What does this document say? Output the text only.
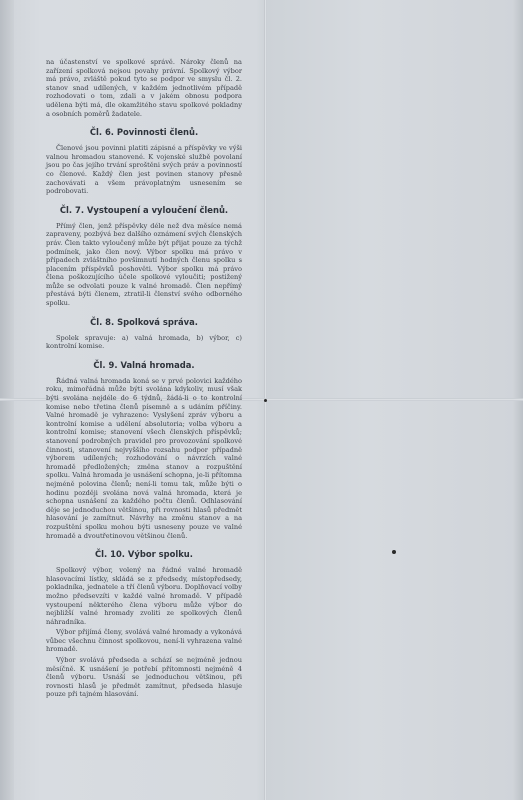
na účastenství ve spolkové správě. Nároky členů na zařízení spolková nejsou povahy právní. Spolkový výbor má právo, zvláště pokud tyto se podpor ve smyslu čl. 2. stanov snad udílených, v každém jednotlivém případě rozhodovati o tom, zdali a v jakém obnosu podpora udělena býti má, dle okamžitého stavu spolkové pokladny a osobních poměrů žadatele.

Čl. 6. Povinnosti členů.

Členové jsou povinni platiti zápisné a příspěvky ve výši valnou hromadou stanovené. K vojenské službě povolaní jsou po čas jejího trvání sproštěni svých práv a povinností co členové. Každý člen jest povinen stanovy přesně zachovávati a všem právoplatným usnesením se podrobovati.

Čl. 7. Vystoupení a vyloučení členů.

Přímý člen, jenž příspěvky déle než dva měsíce nemá zapraveny, pozbývá bez dalšího oznámení svých členských práv. Člen takto vyloučený může být přijat pouze za týchž podmínek, jako člen nový. Výbor spolku má právo v případech zvláštního povšimnutí hodných členu spolku s placením příspěvků poshověti. Výbor spolku má právo člena poškozujícího účele spolkové vyloučiti; postižený může se odvolati pouze k valné hromadě. Člen nepřímý přestává býti členem, ztratil-li členství svého odborného spolku.

Čl. 8. Spolková správa.

Spolek spravuje: a) valná hromada, b) výbor, c) kontrolní komise.

Čl. 9. Valná hromada.

Řádná valná hromada koná se v prvé polovici každého roku, mimořádná může býti svolána kdykoliv, musí však býti svolána nejdéle do 6 týdnů, žádá-li o to kontrolní komise nebo třetina členů písemně a s udáním příčiny. Valné hromadě je vyhrazeno: Vyslyšení zpráv výboru a kontrolní komise a udělení absolutoria; volba výboru a kontrolní komise; stanovení všech členských příspěvků; stanovení podrobných pravidel pro provozování spolkové činnosti, stanovení nejvyššího rozsahu podpor případně výborem udílených; rozhodování o návrzích valné hromadě předložených; změna stanov a rozpuštění spolku. Valná hromada je usnášení schopna, je-li přítomna nejméně polovina členů; není-li tomu tak, může býti o hodinu později svolána nová valná hromada, která je schopna usnášení za každého počtu členů. Odhlasování děje se jednoduchou většinou, při rovnosti hlasů předmět hlasování je zamítnut. Návrhy na změnu stanov a na rozpuštění spolku mohou býti usneseny pouze ve valné hromadě a dvoutřetinovou většinou členů.

Čl. 10. Výbor spolku.

Spolkový výbor, volený na řádné valné hromadě hlasovacími lístky, skládá se z předsedy, místopředsedy, pokladníka, jednatele a tří členů výboru. Doplňovací volby možno předsevzíti v každé valné hromadě. V případě vystoupení některého člena výboru může výbor do nejbližší valné hromady zvoliti ze spolkových členů náhradníka.

Výbor přijímá členy, svolává valné hromady a vykonává vůbec všechnu činnost spolkovou, není-li vyhrazena valné hromadě.

Výbor svolává předseda a schází se nejméně jednou měsíčně. K usnášení je potřebí přítomnosti nejméně 4 členů výboru. Usnáší se jednoduchou většinou, při rovnosti hlasů je předmět zamítnut, předseda hlasuje pouze při tajném hlasování.
